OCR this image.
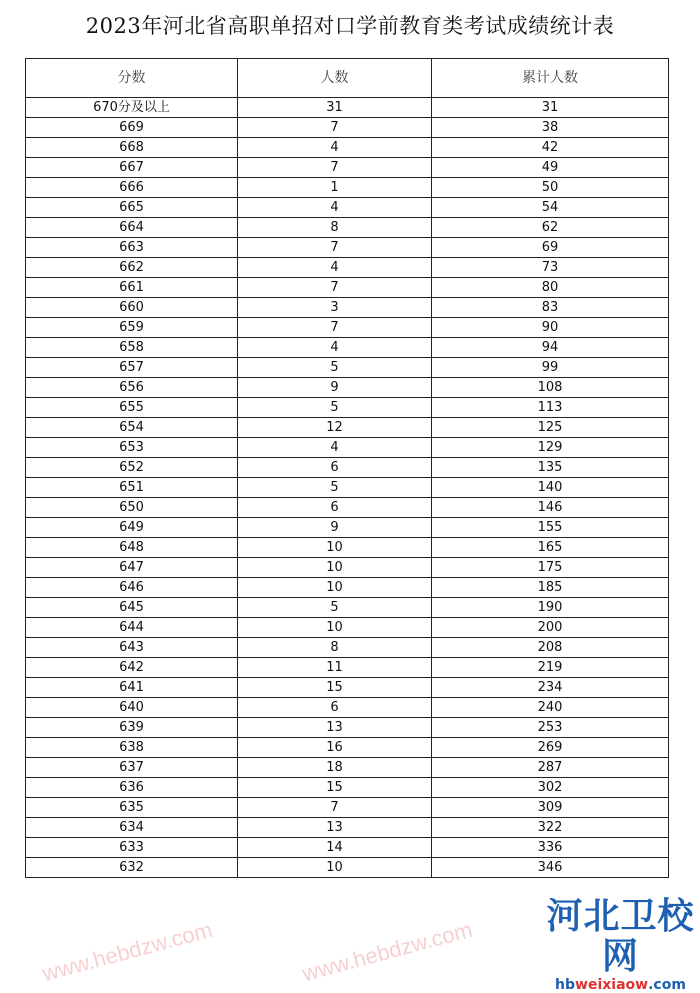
2023年河北省高职单招对口学前教育类考试成绩统计表
分数	人数	累计人数
670分及以上	31	31
669	7	38
668	4	42
667	7	49
666	1	50
665	4	54
664	8	62
663	7	69
662	4	73
661	7	80
660	3	83
659	7	90
658	4	94
657	5	99
656	9	108
655	5	113
654	12	125
653	4	129
652	6	135
651	5	140
650	6	146
649	9	155
648	10	165
647	10	175
646	10	185
645	5	190
644	10	200
643	8	208
642	11	219
641	15	234
640	6	240
639	13	253
638	16	269
637	18	287
636	15	302
635	7	309
634	13	322
633	14	336
632	10	346
www.hebdzw.com	www.hebdzw.com
河北卫校网
hbweixiaow.com
